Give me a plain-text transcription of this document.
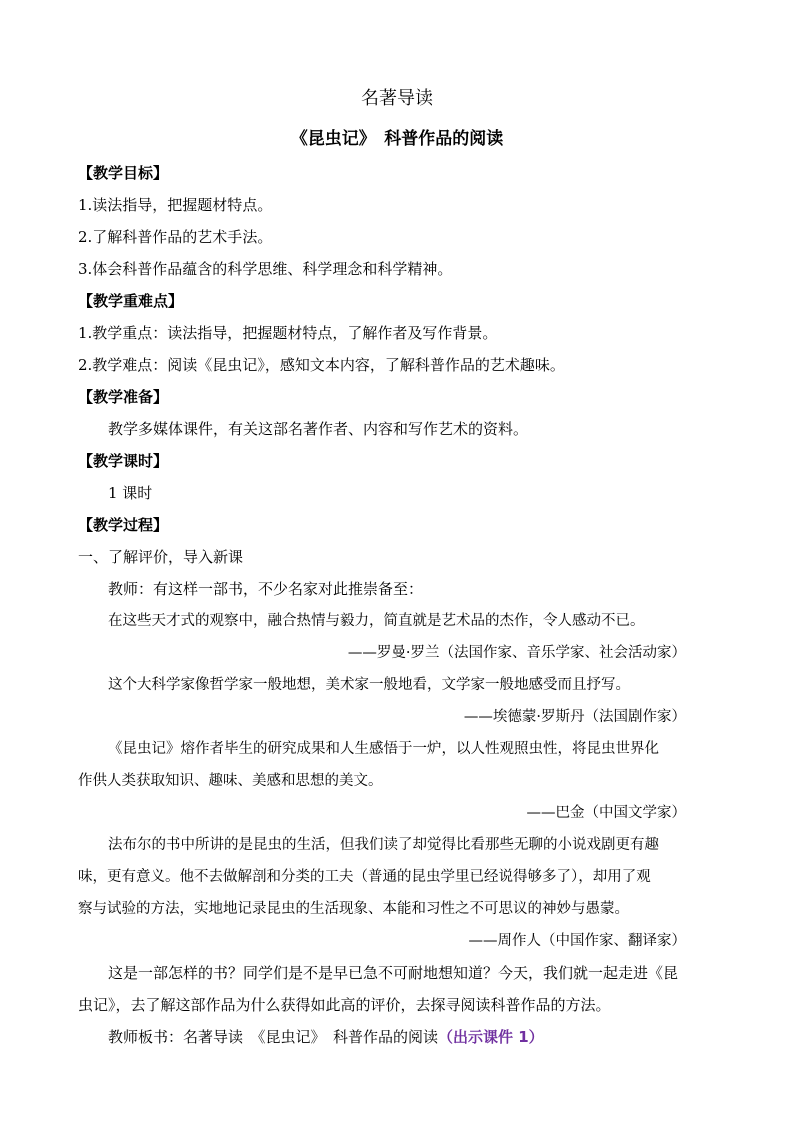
名著导读
《昆虫记》　科普作品的阅读
【教学目标】
1.读法指导，把握题材特点。
2.了解科普作品的艺术手法。
3.体会科普作品蕴含的科学思维、科学理念和科学精神。
【教学重难点】
1.教学重点：读法指导，把握题材特点，了解作者及写作背景。
2.教学难点：阅读《昆虫记》，感知文本内容，了解科普作品的艺术趣味。
【教学准备】
教学多媒体课件，有关这部名著作者、内容和写作艺术的资料。
【教学课时】
1 课时
【教学过程】
一、了解评价，导入新课
教师：有这样一部书，不少名家对此推崇备至：
在这些天才式的观察中，融合热情与毅力，简直就是艺术品的杰作，令人感动不已。
——罗曼·罗兰（法国作家、音乐学家、社会活动家）
这个大科学家像哲学家一般地想，美术家一般地看，文学家一般地感受而且抒写。
——埃德蒙·罗斯丹（法国剧作家）
《昆虫记》熔作者毕生的研究成果和人生感悟于一炉，以人性观照虫性，将昆虫世界化
作供人类获取知识、趣味、美感和思想的美文。
——巴金（中国文学家）
法布尔的书中所讲的是昆虫的生活，但我们读了却觉得比看那些无聊的小说戏剧更有趣
味，更有意义。他不去做解剖和分类的工夫（普通的昆虫学里已经说得够多了），却用了观
察与试验的方法，实地地记录昆虫的生活现象、本能和习性之不可思议的神妙与愚蒙。
——周作人（中国作家、翻译家）
这是一部怎样的书？同学们是不是早已急不可耐地想知道？今天，我们就一起走进《昆
虫记》，去了解这部作品为什么获得如此高的评价，去探寻阅读科普作品的方法。
教师板书：名著导读　《昆虫记》　科普作品的阅读（出示课件 1）
